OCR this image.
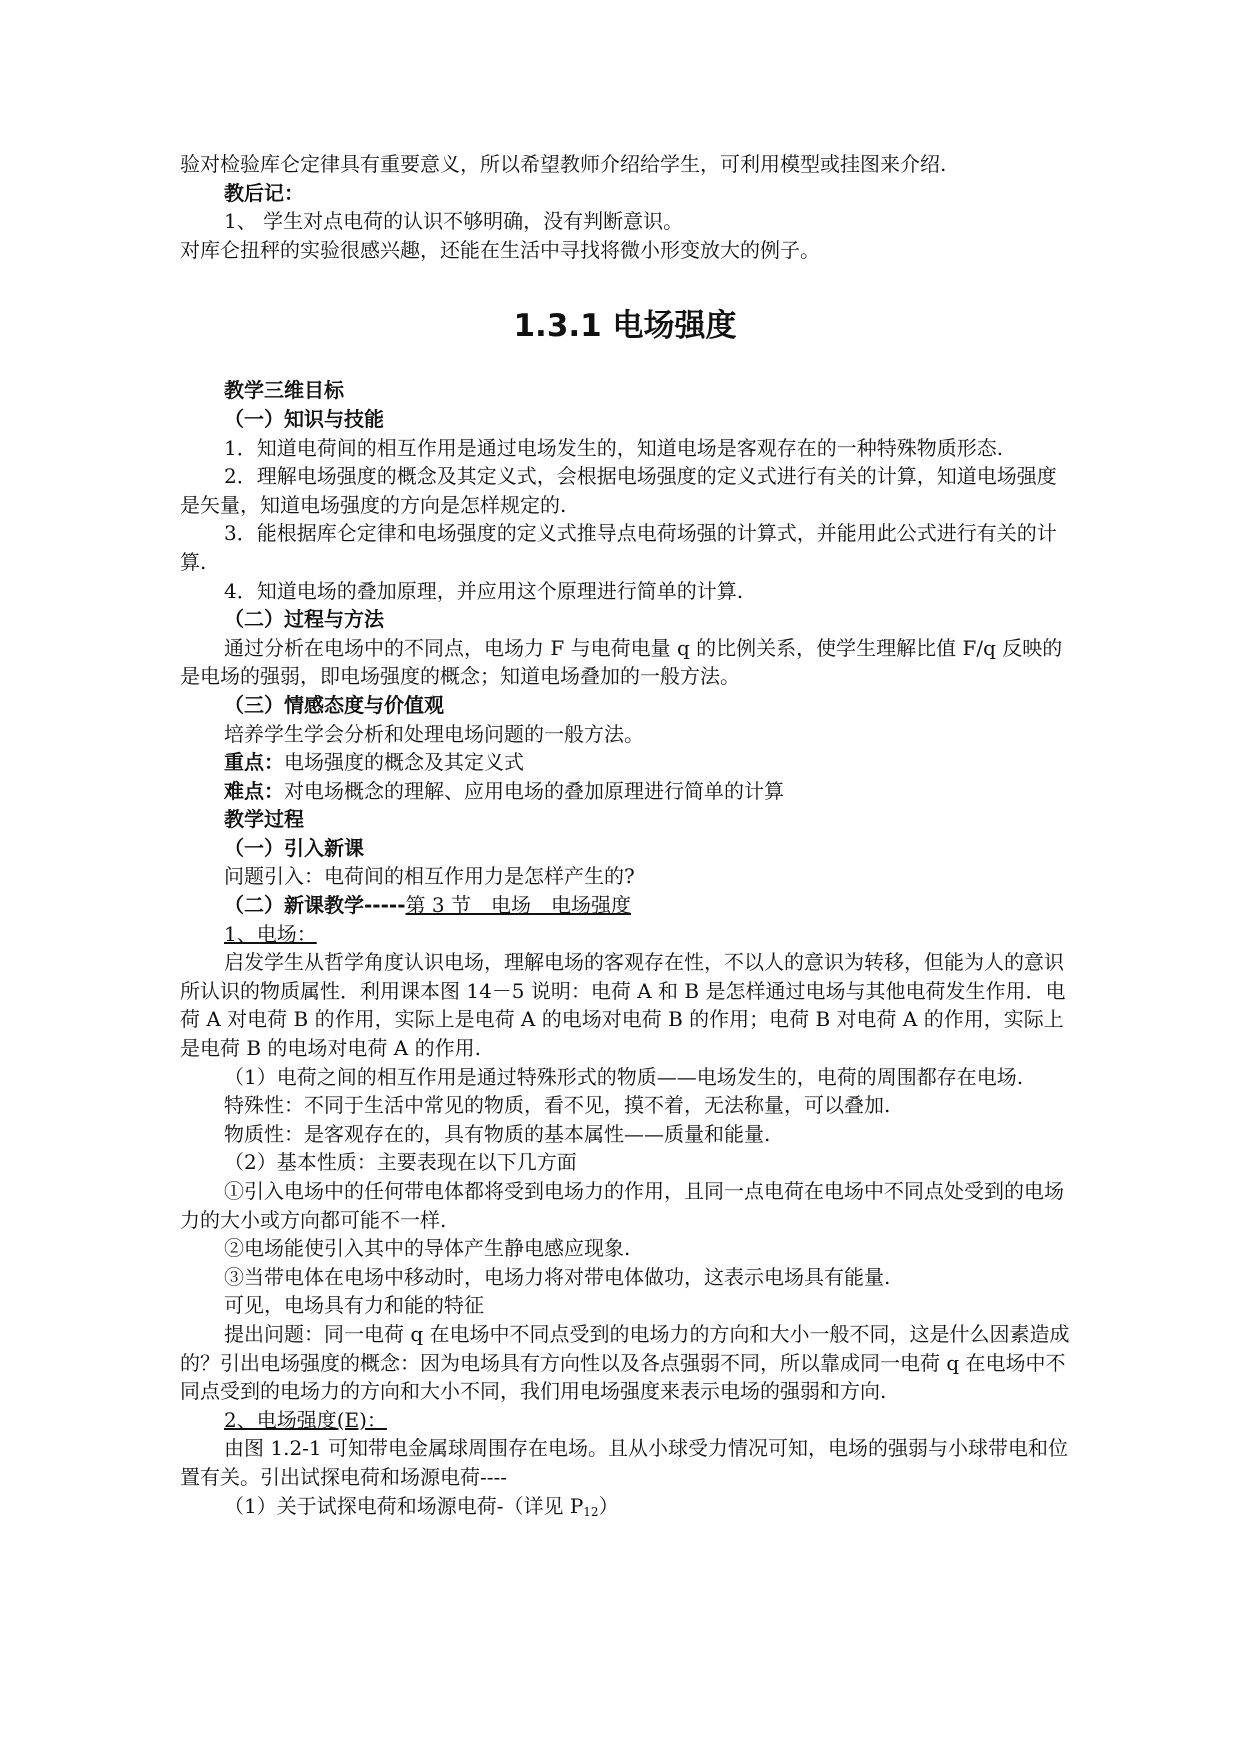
验对检验库仑定律具有重要意义，所以希望教师介绍给学生，可利用模型或挂图来介绍.

教后记：

1、 学生对点电荷的认识不够明确，没有判断意识。

对库仑扭秤的实验很感兴趣，还能在生活中寻找将微小形变放大的例子。

1.3.1 电场强度

教学三维目标

（一）知识与技能

1．知道电荷间的相互作用是通过电场发生的，知道电场是客观存在的一种特殊物质形态.

2．理解电场强度的概念及其定义式，会根据电场强度的定义式进行有关的计算，知道电场强度是矢量，知道电场强度的方向是怎样规定的.

3．能根据库仑定律和电场强度的定义式推导点电荷场强的计算式，并能用此公式进行有关的计算.

4．知道电场的叠加原理，并应用这个原理进行简单的计算.

（二）过程与方法

通过分析在电场中的不同点，电场力 F 与电荷电量 q 的比例关系，使学生理解比值 F/q 反映的是电场的强弱，即电场强度的概念；知道电场叠加的一般方法。

（三）情感态度与价值观

培养学生学会分析和处理电场问题的一般方法。

重点：电场强度的概念及其定义式

难点：对电场概念的理解、应用电场的叠加原理进行简单的计算

教学过程

（一）引入新课

问题引入：电荷间的相互作用力是怎样产生的?

（二）新课教学-----第 3 节　电场　电场强度

1、电场：

启发学生从哲学角度认识电场，理解电场的客观存在性，不以人的意识为转移，但能为人的意识所认识的物质属性．利用课本图 14－5 说明：电荷 A 和 B 是怎样通过电场与其他电荷发生作用．电荷 A 对电荷 B 的作用，实际上是电荷 A 的电场对电荷 B 的作用；电荷 B 对电荷 A 的作用，实际上是电荷 B 的电场对电荷 A 的作用.

（1）电荷之间的相互作用是通过特殊形式的物质——电场发生的，电荷的周围都存在电场.

特殊性：不同于生活中常见的物质，看不见，摸不着，无法称量，可以叠加.

物质性：是客观存在的，具有物质的基本属性——质量和能量.

（2）基本性质：主要表现在以下几方面

①引入电场中的任何带电体都将受到电场力的作用，且同一点电荷在电场中不同点处受到的电场力的大小或方向都可能不一样.

②电场能使引入其中的导体产生静电感应现象.

③当带电体在电场中移动时，电场力将对带电体做功，这表示电场具有能量.

可见，电场具有力和能的特征

提出问题：同一电荷 q 在电场中不同点受到的电场力的方向和大小一般不同，这是什么因素造成的？引出电场强度的概念：因为电场具有方向性以及各点强弱不同，所以靠成同一电荷 q 在电场中不同点受到的电场力的方向和大小不同，我们用电场强度来表示电场的强弱和方向.

2、电场强度(E)：

由图 1.2-1 可知带电金属球周围存在电场。且从小球受力情况可知，电场的强弱与小球带电和位置有关。引出试探电荷和场源电荷----

（1）关于试探电荷和场源电荷-（详见 $P_{12}$）
